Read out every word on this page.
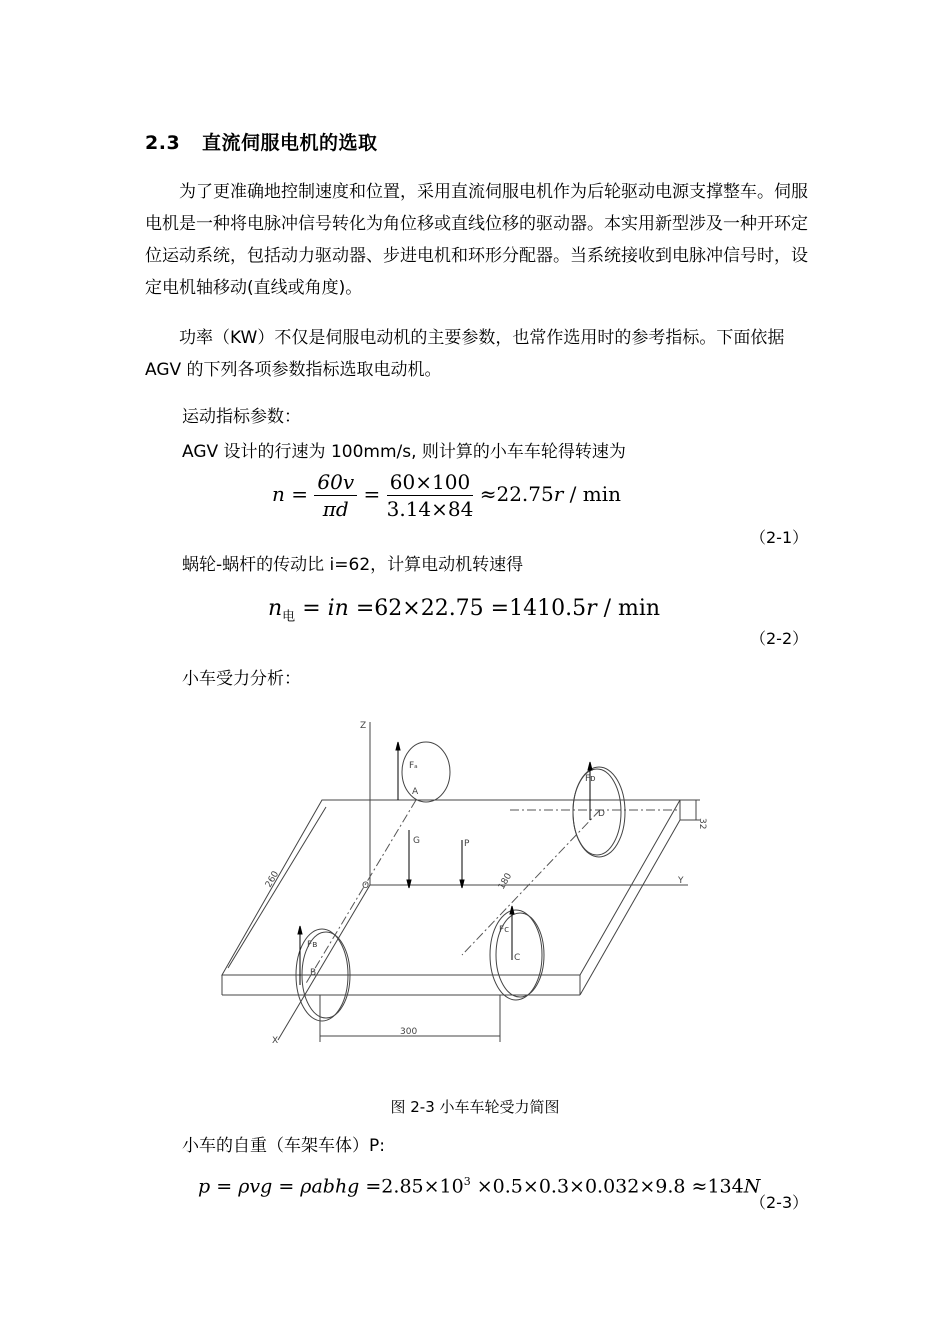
2.3 直流伺服电机的选取
为了更准确地控制速度和位置，采用直流伺服电机作为后轮驱动电源支撑整车。伺服电机是一种将电脉冲信号转化为角位移或直线位移的驱动器。本实用新型涉及一种开环定位运动系统，包括动力驱动器、步进电机和环形分配器。当系统接收到电脉冲信号时，设定电机轴移动(直线或角度)。
功率（KW）不仅是伺服电动机的主要参数，也常作选用时的参考指标。下面依据 AGV 的下列各项参数指标选取电动机。
运动指标参数：
AGV 设计的行速为 100mm/s, 则计算的小车车轮得转速为
$n = \frac{60v}{\pi d} = \frac{60\times 100}{3.14\times 84} \approx 22.75r / \min$
（2-1）
蜗轮-蜗杆的传动比 i=62，计算电动机转速得
$n_电$ = in =62×22.75 =1410.5r / min
（2-2）
小车受力分析：
Z
Y
X
O
A
B
C
D
Fₐ
Fʙ
Fᴄ
Fᴅ
G	P
300
260	180
32
图 2-3 小车车轮受力简图
小车的自重（车架车体）P:
p = ρvg = ρabhg $=2.85\times 10^3 \times 0.5\times 0.3\times 0.032\times 9.8 \approx 134N$
（2-3）
